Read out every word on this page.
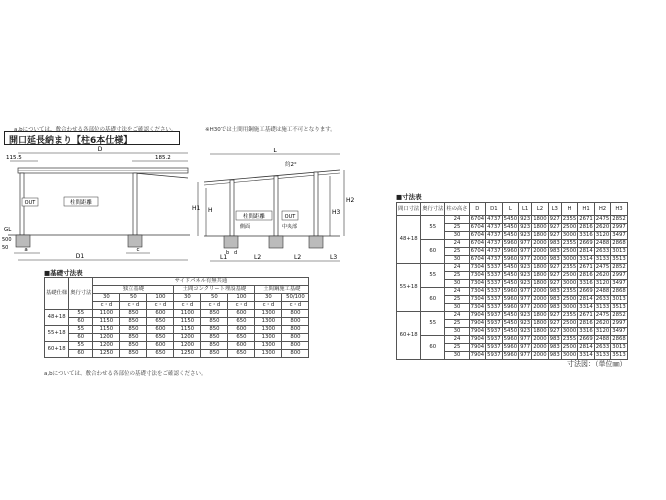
a,bについては、敷合わせる各部位の基礎寸法をご確認ください。	※H30では土間用鋼施工基礎は施工不可となります。
開口延長納まり【柱6本仕様】
D
115.5	185.2
OUT	柱間距離
GL
500
50	a	c
D1
L
約2°
H1 H
H2
H3
柱間距離	OUT
側面	中央部
b d
L1	L2	L2	L3
■基礎寸法表
基礎仕様	奥行寸法	サイドパネル有無共通							
		独立基礎			土間コンクリート埋設基礎			土間鋼施工基礎	
		30	50	100	30	50	100	30	50/100
		c・d	c・d	c・d	c・d	c・d	c・d	c・d	c・d
48+18	55	1100	850	600	1100	850	600	1300	800
	60	1150	850	650	1150	850	650	1300	800
55+18	55	1150	850	600	1150	850	600	1300	800
	60	1200	850	650	1200	850	650	1300	800
60+18	55	1200	850	600	1200	850	600	1300	800
	60	1250	850	650	1250	850	650	1300	800
a,bについては、敷合わせる各部位の基礎寸法をご確認ください。
■寸法表
間口寸法	奥行寸法	柱の高さ	D	D1	L	L1	L2	L3	H	H1	H2	H3
48+18	55	24	6704	4737	5450	923	1800	927	2355	2671	2475	2852
		25	6704	4737	5450	923	1800	927	2500	2816	2620	2997
		30	6704	4737	5450	923	1800	927	3000	3316	3120	3497
	60	24	6704	4737	5960	977	2000	983	2355	2669	2488	2868
		25	6704	4737	5960	977	2000	983	2500	2814	2633	3013
		30	6704	4737	5960	977	2000	983	3000	3314	3133	3513
55+18	55	24	7304	5337	5450	923	1800	927	2355	2671	2475	2852
		25	7304	5337	5450	923	1800	927	2500	2816	2620	2997
		30	7304	5337	5450	923	1800	927	3000	3316	3120	3497
	60	24	7304	5337	5960	977	2000	983	2355	2669	2488	2868
		25	7304	5337	5960	977	2000	983	2500	2814	2633	3013
		30	7304	5337	5960	977	2000	983	3000	3314	3133	3513
60+18	55	24	7904	5937	5450	923	1800	927	2355	2671	2475	2852
		25	7904	5937	5450	923	1800	927	2500	2816	2620	2997
		30	7904	5937	5450	923	1800	927	3000	3316	3120	3497
	60	24	7904	5937	5960	977	2000	983	2355	2669	2488	2868
		25	7904	5937	5960	977	2000	983	2500	2814	2633	3013
		30	7904	5937	5960	977	2000	983	3000	3314	3133	3513
寸法図：（単位㎜）
